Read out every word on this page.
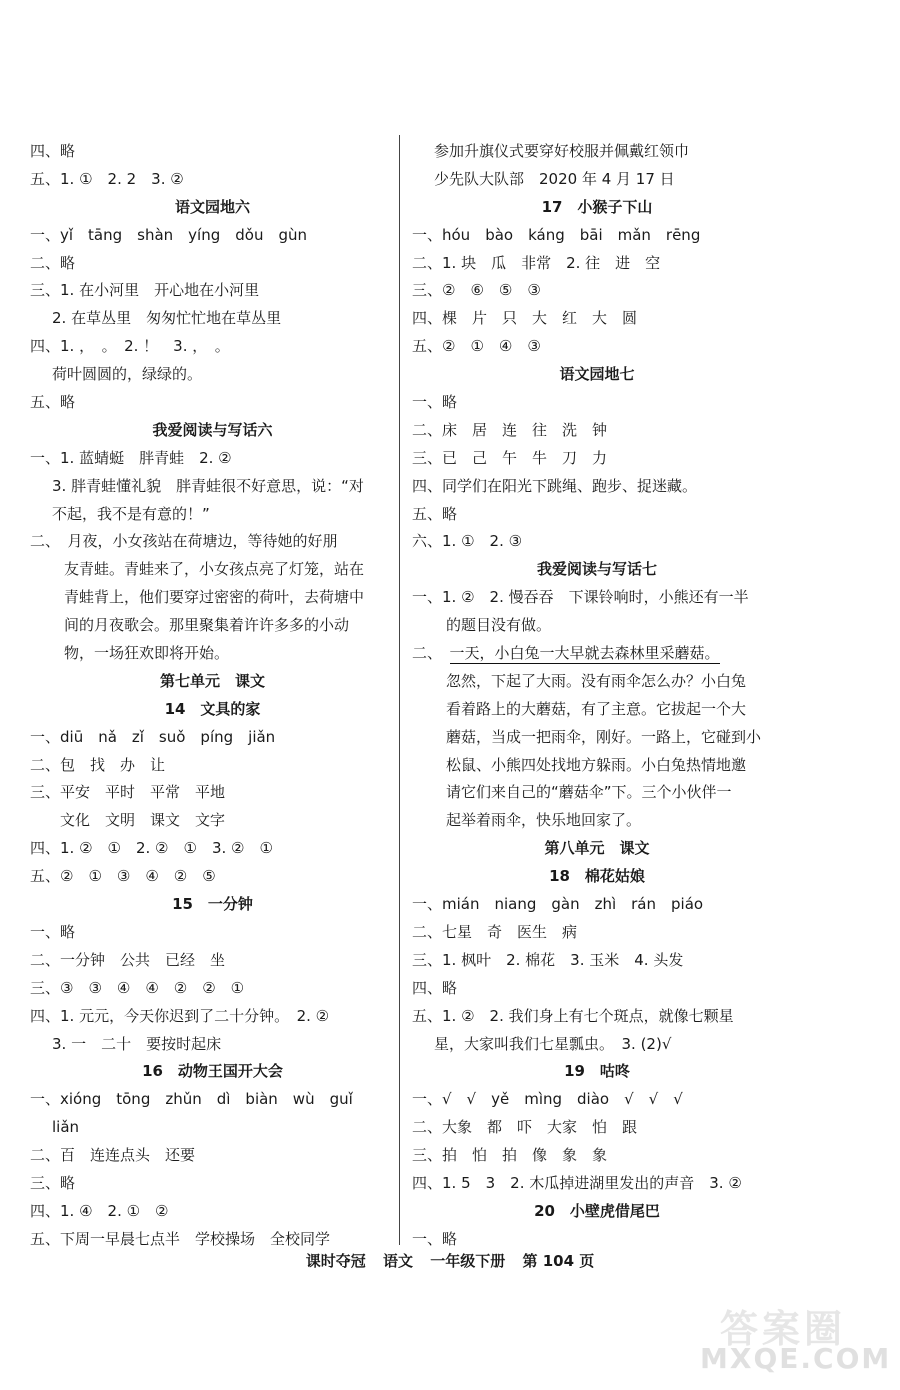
四、略
五、1. ①　2. 2　3. ②
语文园地六
一、yǐ　tāng　shàn　yíng　dǒu　gùn
二、略
三、1. 在小河里　开心地在小河里
2. 在草丛里　匆匆忙忙地在草丛里
四、1. ，　。　2. ！　3. ，　。
荷叶圆圆的，绿绿的。
五、略
我爱阅读与写话六
一、1. 蓝蜻蜓　胖青蛙　2. ②
3. 胖青蛙懂礼貌　胖青蛙很不好意思，说：“对
不起，我不是有意的！”
二、　月夜，小女孩站在荷塘边，等待她的好朋
友青蛙。青蛙来了，小女孩点亮了灯笼，站在
青蛙背上，他们要穿过密密的荷叶，去荷塘中
间的月夜歌会。那里聚集着许许多多的小动
物，一场狂欢即将开始。
第七单元　课文
14　文具的家
一、diū　nǎ　zǐ　suǒ　píng　jiǎn
二、包　找　办　让
三、平安　平时　平常　平地
文化　文明　课文　文字
四、1. ②　①　2. ②　①　3. ②　①
五、②　①　③　④　②　⑤
15　一分钟
一、略
二、一分钟　公共　已经　坐
三、③　③　④　④　②　②　①
四、1. 元元，今天你迟到了二十分钟。　2. ②
3. 一　二十　要按时起床
16　动物王国开大会
一、xióng　tōng　zhǔn　dì　biàn　wù　guǐ
liǎn
二、百　连连点头　还要
三、略
四、1. ④　2. ①　②
五、下周一早晨七点半　学校操场　全校同学
参加升旗仪式要穿好校服并佩戴红领巾
少先队大队部　2020 年 4 月 17 日
17　小猴子下山
一、hóu　bào　káng　bāi　mǎn　rēng
二、1. 块　瓜　非常　2. 往　进　空
三、②　⑥　⑤　③
四、棵　片　只　大　红　大　圆
五、②　①　④　③
语文园地七
一、略
二、床　居　连　往　洗　钟
三、已　己　午　牛　刀　力
四、同学们在阳光下跳绳、跑步、捉迷藏。
五、略
六、1. ①　2. ③
我爱阅读与写话七
一、1. ②　2. 慢吞吞　下课铃响时，小熊还有一半
的题目没有做。
二、　一天，小白兔一大早就去森林里采蘑菇。
忽然，下起了大雨。没有雨伞怎么办？小白兔
看着路上的大蘑菇，有了主意。它拔起一个大
蘑菇，当成一把雨伞，刚好。一路上，它碰到小
松鼠、小熊四处找地方躲雨。小白兔热情地邀
请它们来自己的“蘑菇伞”下。三个小伙伴一
起举着雨伞，快乐地回家了。
第八单元　课文
18　棉花姑娘
一、mián　niang　gàn　zhì　rán　piáo
二、七星　奇　医生　病
三、1. 枫叶　2. 棉花　3. 玉米　4. 头发
四、略
五、1. ②　2. 我们身上有七个斑点，就像七颗星
星，大家叫我们七星瓢虫。　3. (2)√
19　咕咚
一、√　√　yě　mìng　diào　√　√　√
二、大象　都　吓　大家　怕　跟
三、拍　怕　拍　像　象　象
四、1. 5　3　2. 木瓜掉进湖里发出的声音　3. ②
20　小壁虎借尾巴
一、略
课时夺冠 语文 一年级下册 第 104 页
答案圈
MXQE.COM
